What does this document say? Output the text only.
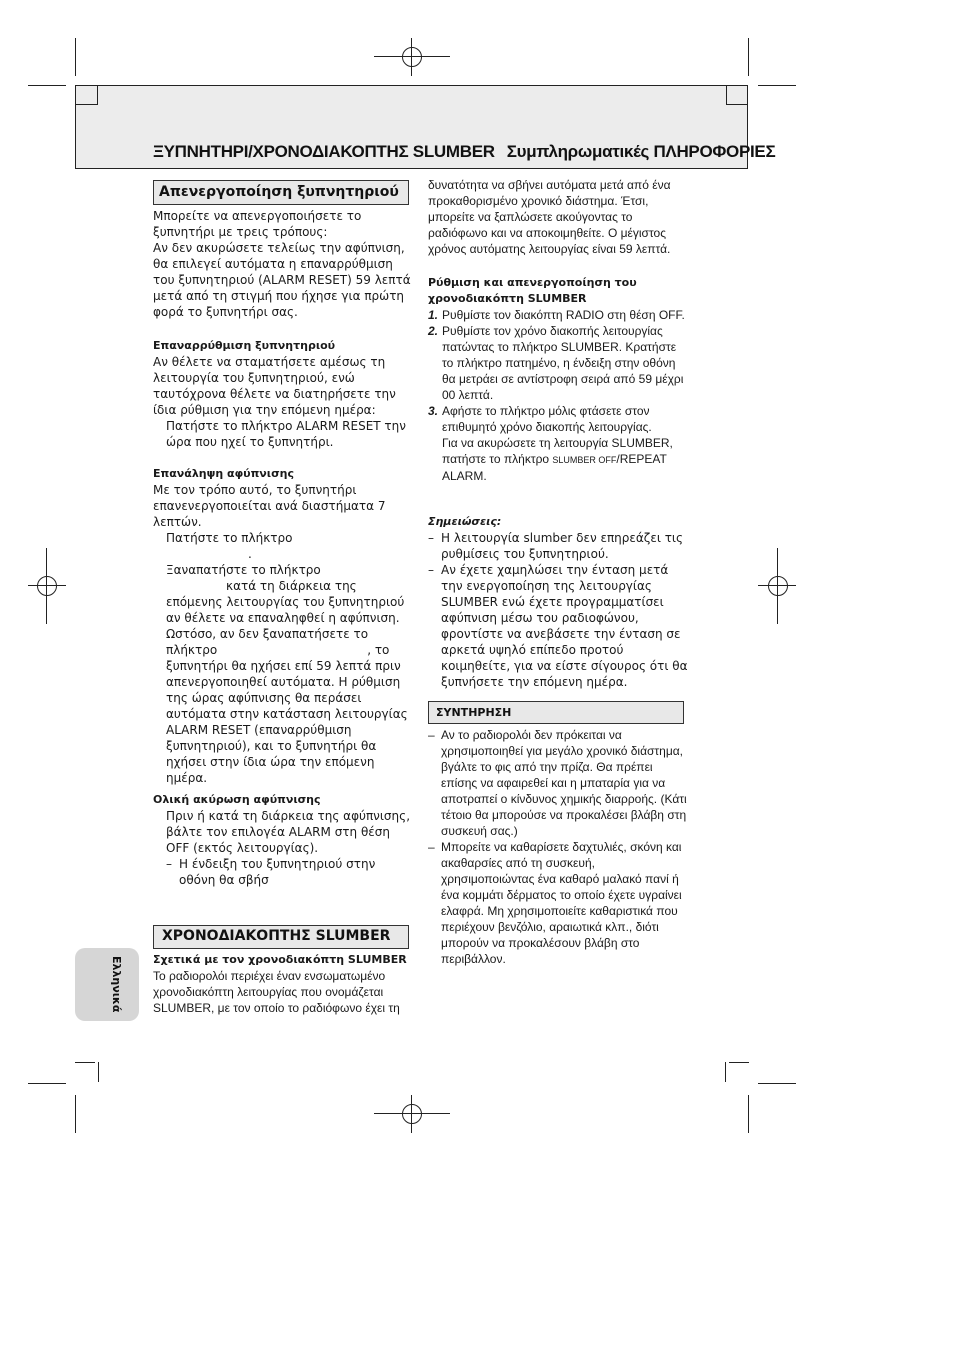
ΞΥΠΝΗΤΗΡΙ/ΧΡΟΝΟΔΙΑΚΟΠΤΗΣ SLUMBER Συμπληρωματικές ΠΛΗΡΟΦΟΡΙΕΣ
Απενεργοποίηση ξυπνητηριού

Μπορείτε να απενεργοποιήσετε το ξυπνητήρι με τρεις τρόπους:

Αν δεν ακυρώσετε τελείως την αφύπνιση, θα επιλεγεί αυτόματα η επαναρρύθμιση του ξυπνητηριού (ALARM RESET) 59 λεπτά μετά από τη στιγμή που ήχησε για πρώτη φορά το ξυπνητήρι σας.

Επαναρρύθμιση ξυπνητηριού

Αν θέλετε να σταματήσετε αμέσως τη λειτουργία του ξυπνητηριού, ενώ ταυτόχρονα θέλετε να διατηρήσετε την ίδια ρύθμιση για την επόμενη ημέρα:

Πατήστε το πλήκτρο ALARM RESET την ώρα που ηχεί το ξυπνητήρι.

Επανάληψη αφύπνισης

Με τον τρόπο αυτό, το ξυπνητήρι επανενεργοποιείται ανά διαστήματα 7 λεπτών.

Πατήστε το πλήκτρο

.

Ξαναπατήστε το πλήκτρο

κατά τη διάρκεια της επόμενης λειτουργίας του ξυπνητηριού αν θέλετε να επαναληφθεί η αφύπνιση.

Ωστόσο, αν δεν ξαναπατήσετε το πλήκτρο	, το

ξυπνητήρι θα ηχήσει επί 59 λεπτά πριν απενεργοποιηθεί αυτόματα. Η ρύθμιση της ώρας αφύπνισης θα περάσει αυτόματα στην κατάσταση λειτουργίας ALARM RESET (επαναρρύθμιση ξυπνητηριού), και το ξυπνητήρι θα ηχήσει στην ίδια ώρα την επόμενη ημέρα.

Ολική ακύρωση αφύπνισης

Πριν ή κατά τη διάρκεια της αφύπνισης, βάλτε τον επιλογέα ALARM στη θέση OFF (εκτός λειτουργίας).

– Η ένδειξη του ξυπνητηριού στην οθόνη θα σβήσ
ΧΡΟΝΟΔΙΑΚΟΠΤΗΣ SLUMBER

Σχετικά με τον χρονοδιακόπτη SLUMBER

Το ραδιορολόι περιέχει έναν ενσωματωμένο χρονοδιακόπτη λειτουργίας που ονομάζεται SLUMBER, με τον οποίο το ραδιόφωνο έχει τη

δυνατότητα να σβήνει αυτόματα μετά από ένα προκαθορισμένο χρονικό διάστημα. Έτσι, μπορείτε να ξαπλώσετε ακούγοντας το ραδιόφωνο και να αποκοιμηθείτε. Ο μέγιστος χρόνος αυτόματης λειτουργίας είναι 59 λεπτά.

Ρύθμιση και απενεργοποίηση του χρονοδιακόπτη SLUMBER

1. Ρυθμίστε τον διακόπτη RADIO στη θέση OFF.
2. Ρυθμίστε τον χρόνο διακοπής λειτουργίας πατώντας το πλήκτρο SLUMBER. Κρατήστε το πλήκτρο πατημένο, η ένδειξη στην οθόνη θα μετράει σε αντίστροφη σειρά από 59 μέχρι 00 λεπτά.
3. Αφήστε το πλήκτρο μόλις φτάσετε στον επιθυμητό χρόνο διακοπής λειτουργίας.
Για να ακυρώσετε τη λειτουργία SLUMBER, πατήστε το πλήκτρο SLUMBER OFF/REPEAT ALARM.

Σημειώσεις:

– Η λειτουργία slumber δεν επηρεάζει τις ρυθμίσεις του ξυπνητηριού.
– Αν έχετε χαμηλώσει την ένταση μετά την ενεργοποίηση της λειτουργίας SLUMBER ενώ έχετε προγραμματίσει αφύπνιση μέσω του ραδιοφώνου, φροντίστε να ανεβάσετε την ένταση σε αρκετά υψηλό επίπεδο προτού κοιμηθείτε, για να είστε σίγουρος ότι θα ξυπνήσετε την επόμενη ημέρα.
ΣΥΝΤΗΡΗΣΗ
– Αν το ραδιορολόι δεν πρόκειται να χρησιμοποιηθεί για μεγάλο χρονικό διάστημα, βγάλτε το φις από την πρίζα. Θα πρέπει επίσης να αφαιρεθεί και η μπαταρία για να αποτραπεί ο κίνδυνος χημικής διαρροής. (Κάτι τέτοιο θα μπορούσε να προκαλέσει βλάβη στη συσκευή σας.)
– Μπορείτε να καθαρίσετε δαχτυλιές, σκόνη και ακαθαρσίες από τη συσκευή, χρησιμοποιώντας ένα καθαρό μαλακό πανί ή ένα κομμάτι δέρματος το οποίο έχετε υγραίνει ελαφρά. Μη χρησιμοποιείτε καθαριστικά που περιέχουν βενζόλιο, αραιωτικά κλπ., διότι μπορούν να προκαλέσουν βλάβη στο περιβάλλον.
Ελληνικά
